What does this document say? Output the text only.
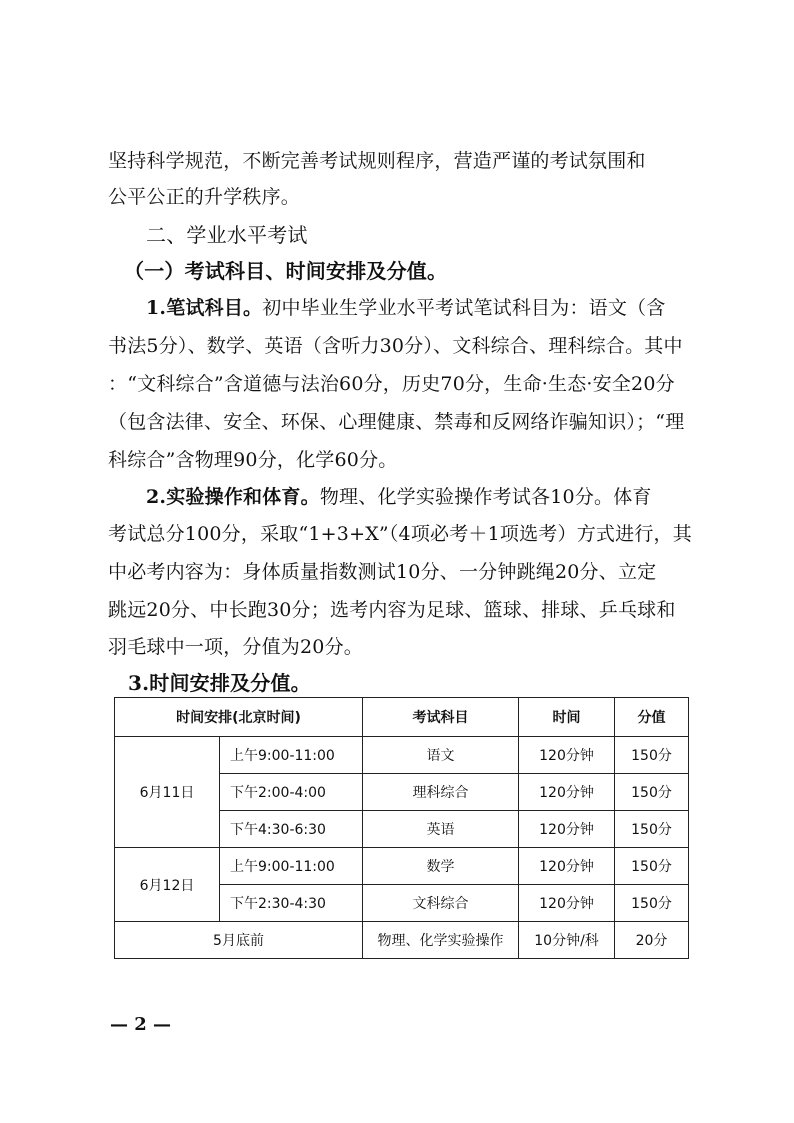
坚持科学规范，不断完善考试规则程序，营造严谨的考试氛围和
公平公正的升学秩序。
二、学业水平考试
（一）考试科目、时间安排及分值。
1.笔试科目。初中毕业生学业水平考试笔试科目为：语文（含
书法5分）、数学、英语（含听力30分）、文科综合、理科综合。其中
：“文科综合”含道德与法治60分，历史70分，生命·生态·安全20分
（包含法律、安全、环保、心理健康、禁毒和反网络诈骗知识）；“理
科综合”含物理90分，化学60分。
2.实验操作和体育。物理、化学实验操作考试各10分。体育
考试总分100分，采取“1+3+X”（4项必考＋1项选考）方式进行，其
中必考内容为：身体质量指数测试10分、一分钟跳绳20分、立定
跳远20分、中长跑30分；选考内容为足球、篮球、排球、乒乓球和
羽毛球中一项，分值为20分。
3.时间安排及分值。
时间安排(北京时间)		考试科目	时间	分值
6月11日	上午9:00-11:00	语文	120分钟	150分
	下午2:00-4:00	理科综合	120分钟	150分
	下午4:30-6:30	英语	120分钟	150分
6月12日	上午9:00-11:00	数学	120分钟	150分
	下午2:30-4:30	文科综合	120分钟	150分
5月底前		物理、化学实验操作	10分钟/科	20分
— 2 —
